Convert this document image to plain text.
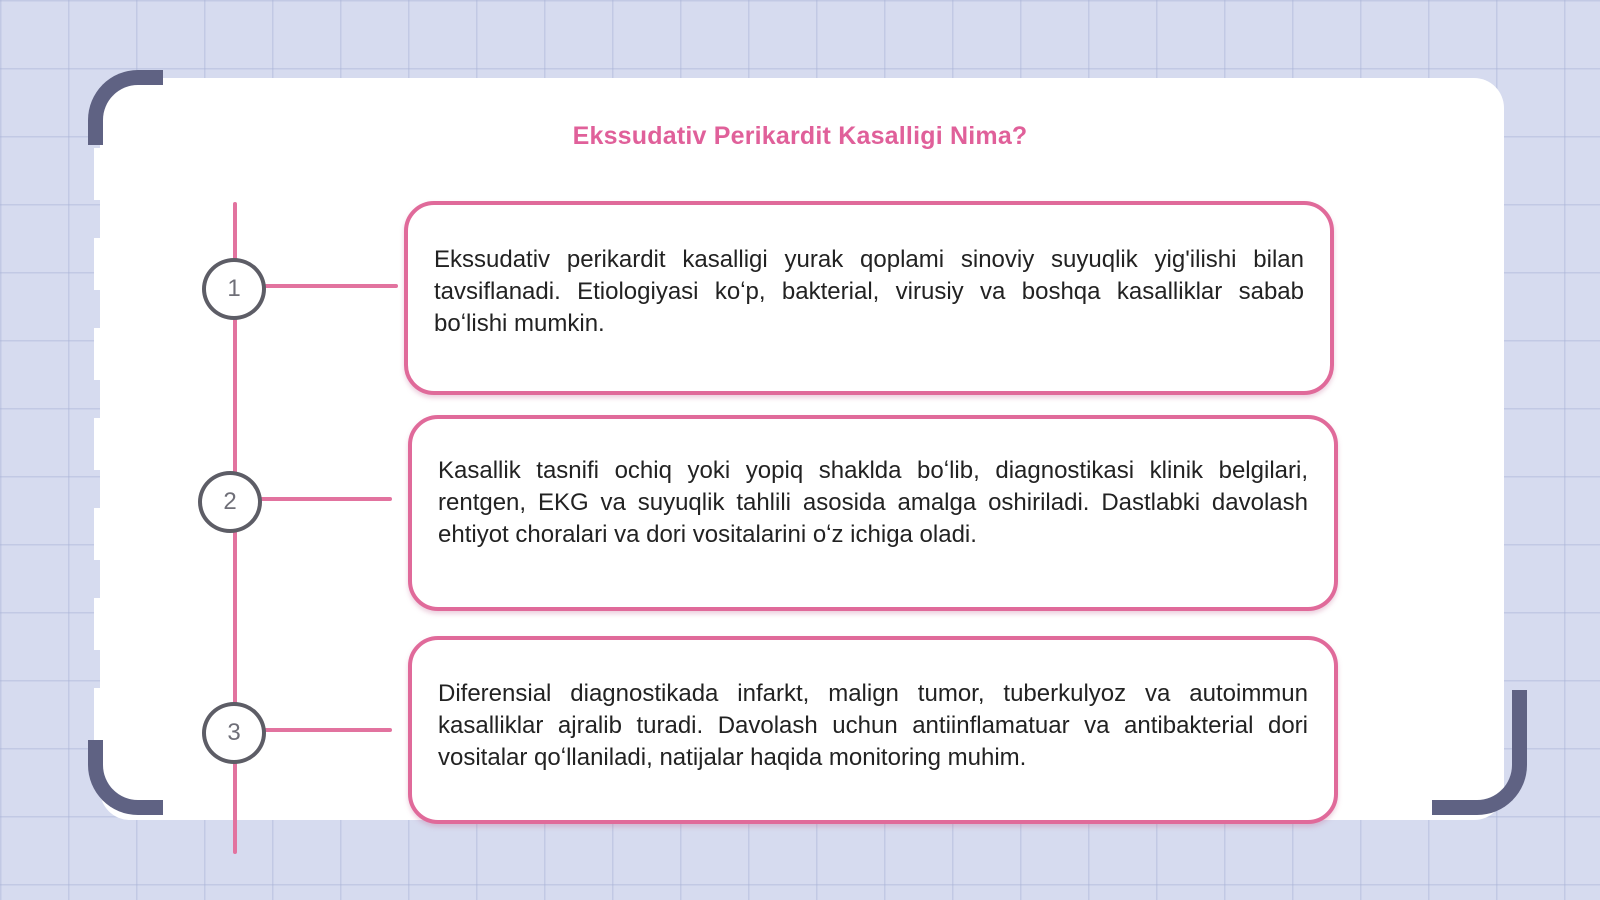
Ekssudativ Perikardit Kasalligi Nima?
1
2
3
Ekssudativ perikardit kasalligi yurak qoplami sinoviy suyuqlik yig'ilishi bilan tavsiflanadi. Etiologiyasi koʻp, bakterial, virusiy va boshqa kasalliklar sabab boʻlishi mumkin.
Kasallik tasnifi ochiq yoki yopiq shaklda boʻlib, diagnostikasi klinik belgilari, rentgen, EKG va suyuqlik tahlili asosida amalga oshiriladi. Dastlabki davolash ehtiyot choralari va dori vositalarini oʻz ichiga oladi.
Diferensial diagnostikada infarkt, malign tumor, tuberkulyoz va autoimmun kasalliklar ajralib turadi. Davolash uchun antiinflamatuar va antibakterial dori vositalar qoʻllaniladi, natijalar haqida monitoring muhim.
